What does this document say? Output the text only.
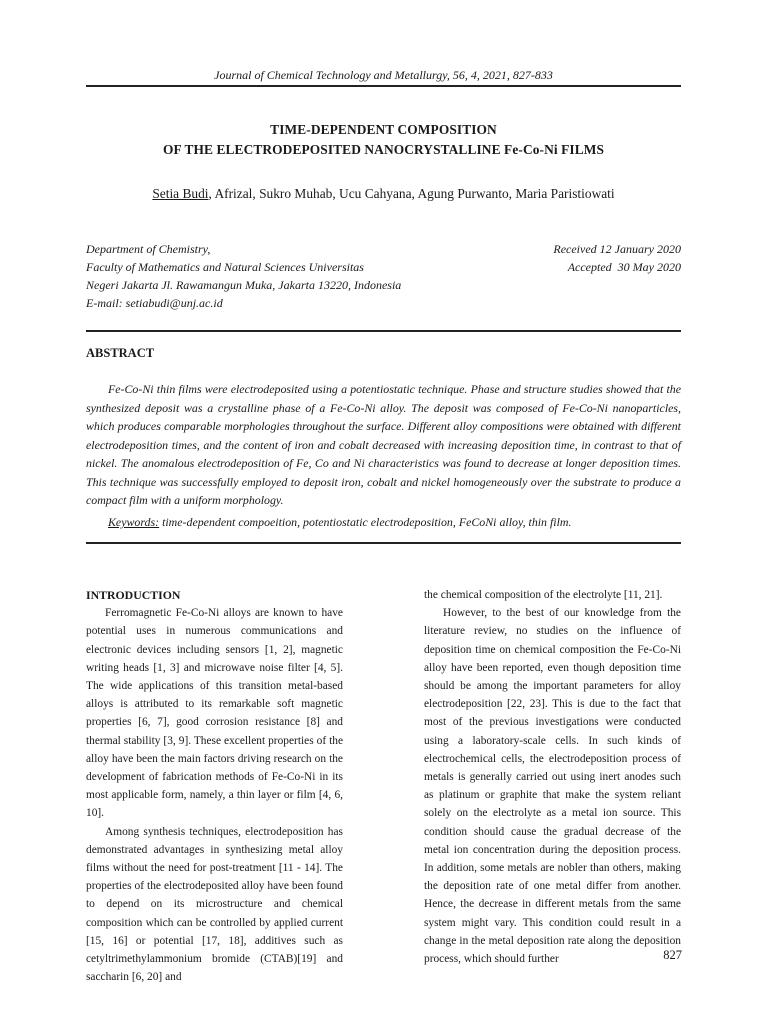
Journal of Chemical Technology and Metallurgy, 56, 4, 2021, 827-833
TIME-DEPENDENT COMPOSITION
OF THE ELECTRODEPOSITED NANOCRYSTALLINE Fe-Co-Ni FILMS
Setia Budi, Afrizal, Sukro Muhab, Ucu Cahyana, Agung Purwanto, Maria Paristiowati
Department of Chemistry,
Faculty of Mathematics and Natural Sciences Universitas
Negeri Jakarta Jl. Rawamangun Muka, Jakarta 13220, Indonesia
E-mail: setiabudi@unj.ac.id
Received 12 January 2020
Accepted  30 May 2020
ABSTRACT
Fe-Co-Ni thin films were electrodeposited using a potentiostatic technique. Phase and structure studies showed that the synthesized deposit was a crystalline phase of a Fe-Co-Ni alloy. The deposit was composed of Fe-Co-Ni nanoparticles, which produces comparable morphologies throughout the surface. Different alloy compositions were obtained with different electrodeposition times, and the content of iron and cobalt decreased with increasing deposition time, in contrast to that of nickel. The anomalous electrodeposition of Fe, Co and Ni characteristics was found to decrease at longer deposition times. This technique was successfully employed to deposit iron, cobalt and nickel homogeneously over the substrate to produce a compact film with a uniform morphology.
Keywords: time-dependent compoeition, potentiostatic electrodeposition, FeCoNi alloy, thin film.
INTRODUCTION

Ferromagnetic Fe-Co-Ni alloys are known to have potential uses in numerous communications and electronic devices including sensors [1, 2], magnetic writing heads [1, 3] and microwave noise filter [4, 5]. The wide applications of this transition metal-based alloys is attributed to its remarkable soft magnetic properties [6, 7], good corrosion resistance [8] and thermal stability [3, 9]. These excellent properties of the alloy have been the main factors driving research on the development of fabrication methods of Fe-Co-Ni in its most applicable form, namely, a thin layer or film [4, 6, 10].

Among synthesis techniques, electrodeposition has demonstrated advantages in synthesizing metal alloy films without the need for post-treatment [11 - 14]. The properties of the electrodeposited alloy have been found to depend on its microstructure and chemical composition which can be controlled by applied current [15, 16] or potential [17, 18], additives such as cetyltrimethylammonium bromide (CTAB)[19] and saccharin [6, 20] and

the chemical composition of the electrolyte [11, 21].

However, to the best of our knowledge from the literature review, no studies on the influence of deposition time on chemical composition the Fe-Co-Ni alloy have been reported, even though deposition time should be among the important parameters for alloy electrodeposition [22, 23]. This is due to the fact that most of the previous investigations were conducted using a laboratory-scale cells. In such kinds of electrochemical cells, the electrodeposition process of metals is generally carried out using inert anodes such as platinum or graphite that make the system reliant solely on the electrolyte as a metal ion source. This condition should cause the gradual decrease of the metal ion concentration during the deposition process. In addition, some metals are nobler than others, making the deposition rate of one metal differ from another. Hence, the decrease in different metals from the same system might vary. This condition could result in a change in the metal deposition rate along the deposition process, which should further	827
